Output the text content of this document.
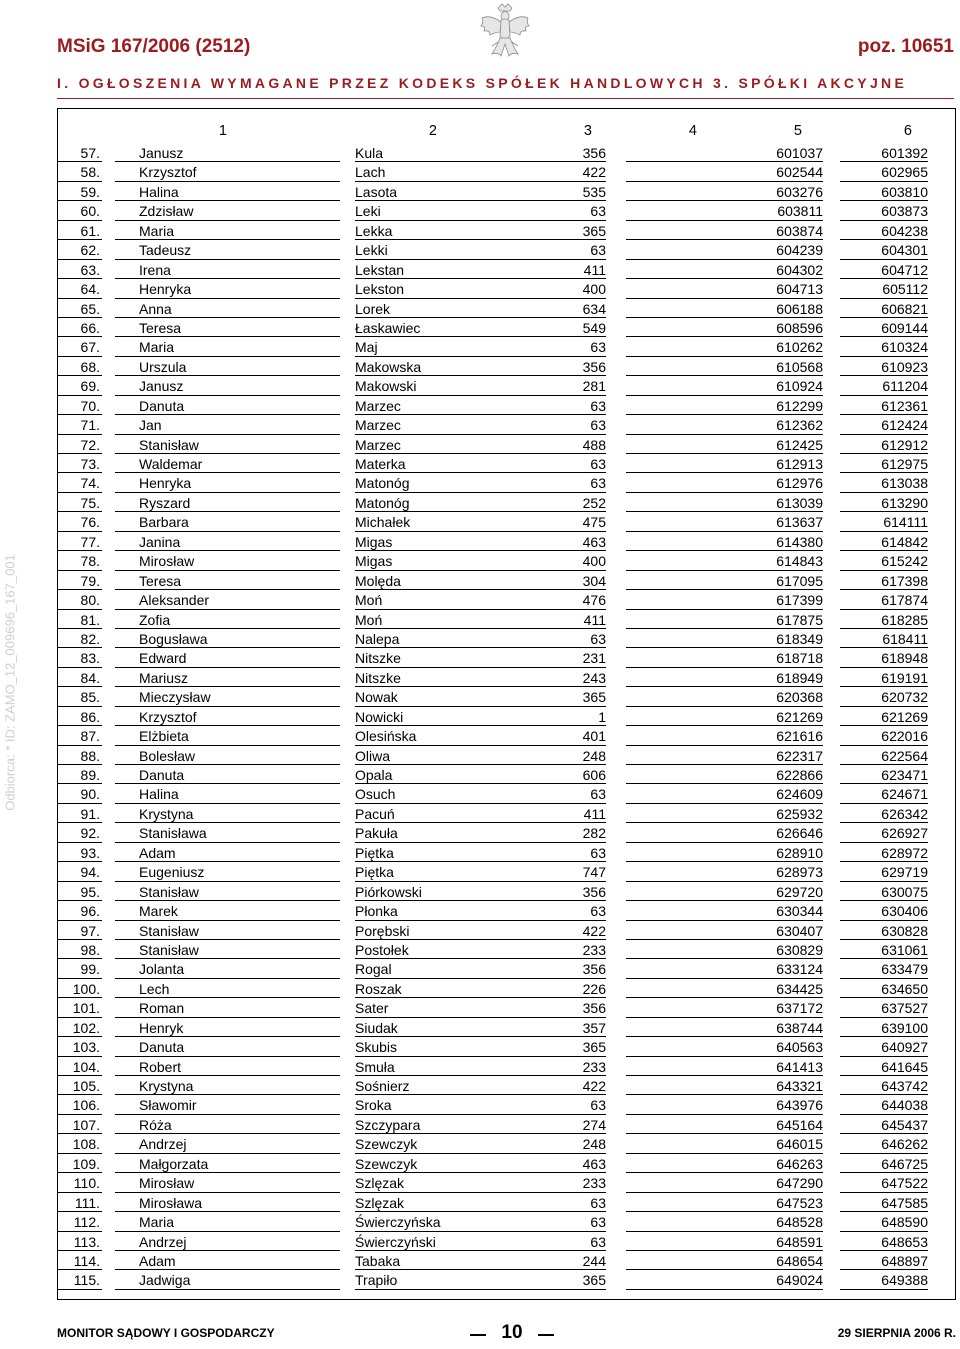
MSiG 167/2006 (2512)	poz. 10651
I. OGŁOSZENIA WYMAGANE PRZEZ KODEKS SPÓŁEK HANDLOWYCH 3. SPÓŁKI AKCYJNE
Odbiorca: * ID: ZAMO_12_009696_167_001
1	2	3	4	5	6
57.	Janusz	Kula	356	601037	601392
58.	Krzysztof	Lach	422	602544	602965
59.	Halina	Lasota	535	603276	603810
60.	Zdzisław	Leki	63	603811	603873
61.	Maria	Lekka	365	603874	604238
62.	Tadeusz	Lekki	63	604239	604301
63.	Irena	Lekstan	411	604302	604712
64.	Henryka	Lekston	400	604713	605112
65.	Anna	Lorek	634	606188	606821
66.	Teresa	Łaskawiec	549	608596	609144
67.	Maria	Maj	63	610262	610324
68.	Urszula	Makowska	356	610568	610923
69.	Janusz	Makowski	281	610924	611204
70.	Danuta	Marzec	63	612299	612361
71.	Jan	Marzec	63	612362	612424
72.	Stanisław	Marzec	488	612425	612912
73.	Waldemar	Materka	63	612913	612975
74.	Henryka	Matonóg	63	612976	613038
75.	Ryszard	Matonóg	252	613039	613290
76.	Barbara	Michałek	475	613637	614111
77.	Janina	Migas	463	614380	614842
78.	Mirosław	Migas	400	614843	615242
79.	Teresa	Molęda	304	617095	617398
80.	Aleksander	Moń	476	617399	617874
81.	Zofia	Moń	411	617875	618285
82.	Bogusława	Nalepa	63	618349	618411
83.	Edward	Nitszke	231	618718	618948
84.	Mariusz	Nitszke	243	618949	619191
85.	Mieczysław	Nowak	365	620368	620732
86.	Krzysztof	Nowicki	1	621269	621269
87.	Elżbieta	Olesińska	401	621616	622016
88.	Bolesław	Oliwa	248	622317	622564
89.	Danuta	Opala	606	622866	623471
90.	Halina	Osuch	63	624609	624671
91.	Krystyna	Pacuń	411	625932	626342
92.	Stanisława	Pakuła	282	626646	626927
93.	Adam	Piętka	63	628910	628972
94.	Eugeniusz	Piętka	747	628973	629719
95.	Stanisław	Piórkowski	356	629720	630075
96.	Marek	Płonka	63	630344	630406
97.	Stanisław	Porębski	422	630407	630828
98.	Stanisław	Postołek	233	630829	631061
99.	Jolanta	Rogal	356	633124	633479
100.	Lech	Roszak	226	634425	634650
101.	Roman	Sater	356	637172	637527
102.	Henryk	Siudak	357	638744	639100
103.	Danuta	Skubis	365	640563	640927
104.	Robert	Smuła	233	641413	641645
105.	Krystyna	Sośnierz	422	643321	643742
106.	Sławomir	Sroka	63	643976	644038
107.	Róża	Szczypara	274	645164	645437
108.	Andrzej	Szewczyk	248	646015	646262
109.	Małgorzata	Szewczyk	463	646263	646725
110.	Mirosław	Szlęzak	233	647290	647522
111.	Mirosława	Szlęzak	63	647523	647585
112.	Maria	Świerczyńska	63	648528	648590
113.	Andrzej	Świerczyński	63	648591	648653
114.	Adam	Tabaka	244	648654	648897
115.	Jadwiga	Trapiło	365	649024	649388
MONITOR SĄDOWY I GOSPODARCZY	10	29 SIERPNIA 2006 R.
